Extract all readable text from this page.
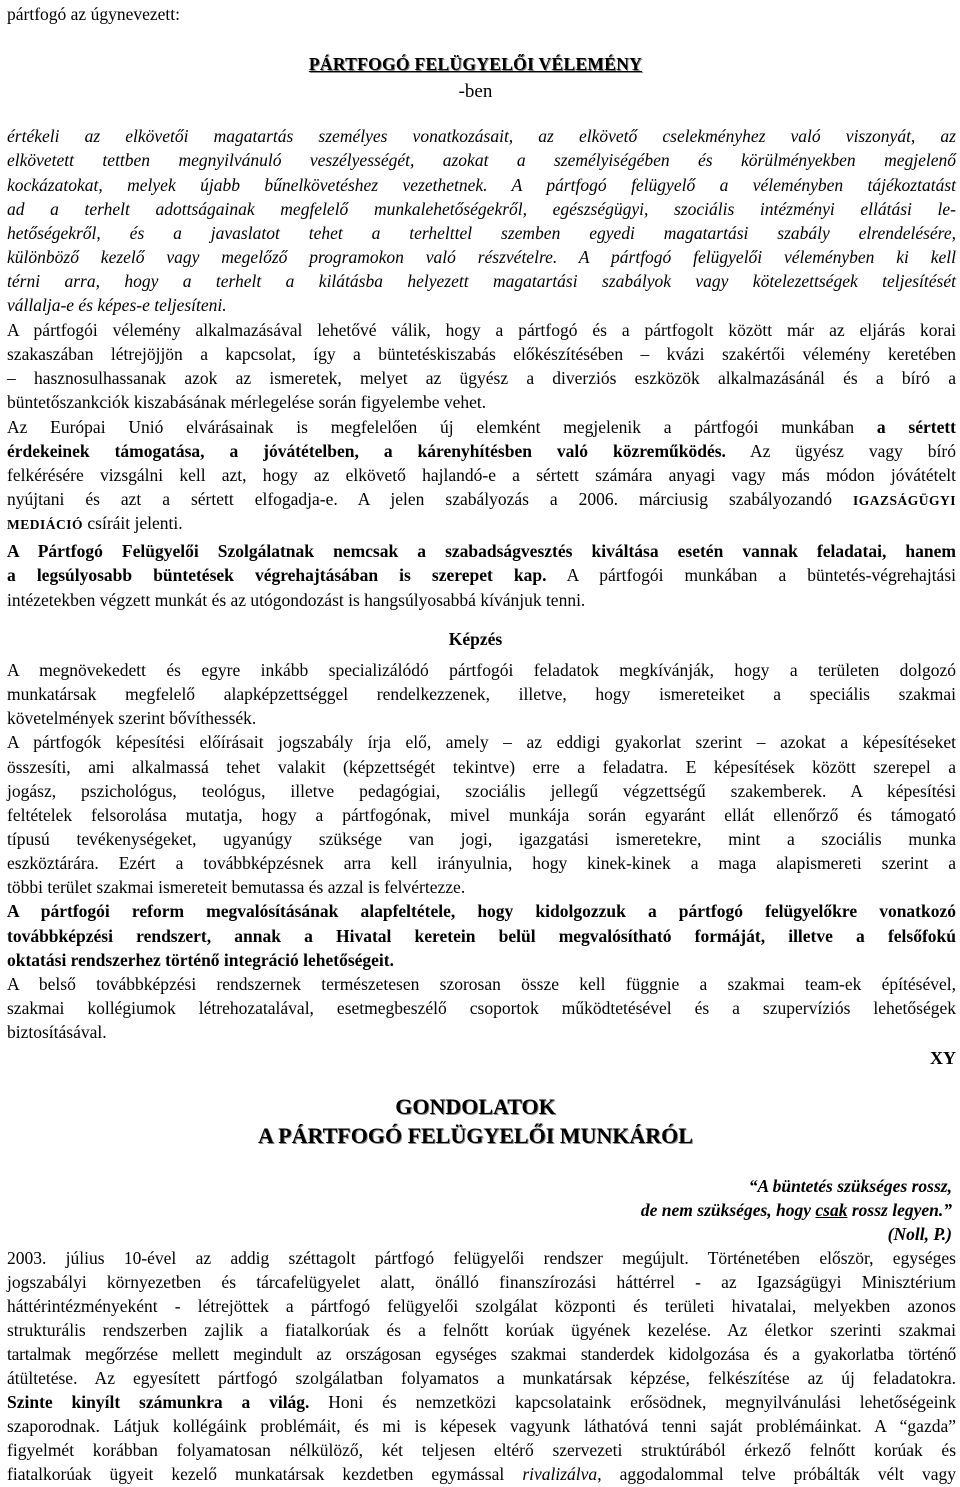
pártfogó az úgynevezett:
PÁRTFOGÓ FELÜGYELŐI VÉLEMÉNY
-ben
értékeli az elkövetői magatartás személyes vonatkozásait, az elkövető cselekményhez való viszonyát, az
elkövetett tettben megnyilvánuló veszélyességét, azokat a személyiségében és körülményekben megjelenő
kockázatokat, melyek újabb bűnelkövetéshez vezethetnek. A pártfogó felügyelő a véleményben tájékoztatást
ad a terhelt adottságainak megfelelő munkalehetőségekről, egészségügyi, szociális intézményi ellátási le-
hetőségekről, és a javaslatot tehet a terhelttel szemben egyedi magatartási szabály elrendelésére,
különböző kezelő vagy megelőző programokon való részvételre. A pártfogó felügyelői véleményben ki kell
térni arra, hogy a terhelt a kilátásba helyezett magatartási szabályok vagy kötelezettségek teljesítését
vállalja-e és képes-e teljesíteni.
A pártfogói vélemény alkalmazásával lehetővé válik, hogy a pártfogó és a pártfogolt között már az eljárás korai
szakaszában létrejöjjön a kapcsolat, így a büntetéskiszabás előkészítésében – kvázi szakértői vélemény keretében
– hasznosulhassanak azok az ismeretek, melyet az ügyész a diverziós eszközök alkalmazásánál és a bíró a
büntetőszankciók kiszabásának mérlegelése során figyelembe vehet.
Az Európai Unió elvárásainak is megfelelően új elemként megjelenik a pártfogói munkában a sértett
érdekeinek támogatása, a jóvátételben, a kárenyhítésben való közreműködés. Az ügyész vagy bíró
felkérésére vizsgálni kell azt, hogy az elkövető hajlandó-e a sértett számára anyagi vagy más módon jóvátételt
nyújtani és azt a sértett elfogadja-e. A jelen szabályozás a 2006. márciusig szabályozandó IGAZSÁGÜGYI
MEDIÁCIÓ csíráit jelenti.
A Pártfogó Felügyelői Szolgálatnak nemcsak a szabadságvesztés kiváltása esetén vannak feladatai, hanem
a legsúlyosabb büntetések végrehajtásában is szerepet kap. A pártfogói munkában a büntetés-végrehajtási
intézetekben végzett munkát és az utógondozást is hangsúlyosabbá kívánjuk tenni.
Képzés
A megnövekedett és egyre inkább specializálódó pártfogói feladatok megkívánják, hogy a területen dolgozó
munkatársak megfelelő alapképzettséggel rendelkezzenek, illetve, hogy ismereteiket a speciális szakmai
követelmények szerint bővíthessék.
A pártfogók képesítési előírásait jogszabály írja elő, amely – az eddigi gyakorlat szerint – azokat a képesítéseket
összesíti, ami alkalmassá tehet valakit (képzettségét tekintve) erre a feladatra. E képesítések között szerepel a
jogász, pszichológus, teológus, illetve pedagógiai, szociális jellegű végzettségű szakemberek. A képesítési
feltételek felsorolása mutatja, hogy a pártfogónak, mivel munkája során egyaránt ellát ellenőrző és támogató
típusú tevékenységeket, ugyanúgy szüksége van jogi, igazgatási ismeretekre, mint a szociális munka
eszköztárára. Ezért a továbbképzésnek arra kell irányulnia, hogy kinek-kinek a maga alapismereti szerint a
többi terület szakmai ismereteit bemutassa és azzal is felvértezze.
A pártfogói reform megvalósításának alapfeltétele, hogy kidolgozzuk a pártfogó felügyelőkre vonatkozó
továbbképzési rendszert, annak a Hivatal keretein belül megvalósítható formáját, illetve a felsőfokú
oktatási rendszerhez történő integráció lehetőségeit.
A belső továbbképzési rendszernek természetesen szorosan össze kell függnie a szakmai team-ek építésével,
szakmai kollégiumok létrehozatalával, esetmegbeszélő csoportok működtetésével és a szupervíziós lehetőségek
biztosításával.
XY
GONDOLATOK
A PÁRTFOGÓ FELÜGYELŐI MUNKÁRÓL
“A büntetés szükséges rossz,
de nem szükséges, hogy csak rossz legyen.”
(Noll, P.)
2003. július 10-ével az addig széttagolt pártfogó felügyelői rendszer megújult. Történetében először, egységes
jogszabályi környezetben és tárcafelügyelet alatt, önálló finanszírozási háttérrel - az Igazságügyi Minisztérium
háttérintézményeként - létrejöttek a pártfogó felügyelői szolgálat központi és területi hivatalai, melyekben azonos
strukturális rendszerben zajlik a fiatalkorúak és a felnőtt korúak ügyének kezelése. Az életkor szerinti szakmai
tartalmak megőrzése mellett megindult az országosan egységes szakmai standerdek kidolgozása és a gyakorlatba történő
átültetése. Az egyesített pártfogó szolgálatban folyamatos a munkatársak képzése, felkészítése az új feladatokra.
Szinte kinyílt számunkra a világ. Honi és nemzetközi kapcsolataink erősödnek, megnyilvánulási lehetőségeink
szaporodnak. Látjuk kollégáink problémáit, és mi is képesek vagyunk láthatóvá tenni saját problémáinkat. A “gazda”
figyelmét korábban folyamatosan nélkülöző, két teljesen eltérő szervezeti struktúrából érkező felnőtt korúak és
fiatalkorúak ügyeit kezelő munkatársak kezdetben egymással rivalizálva, aggodalommal telve próbálták vélt vagy
